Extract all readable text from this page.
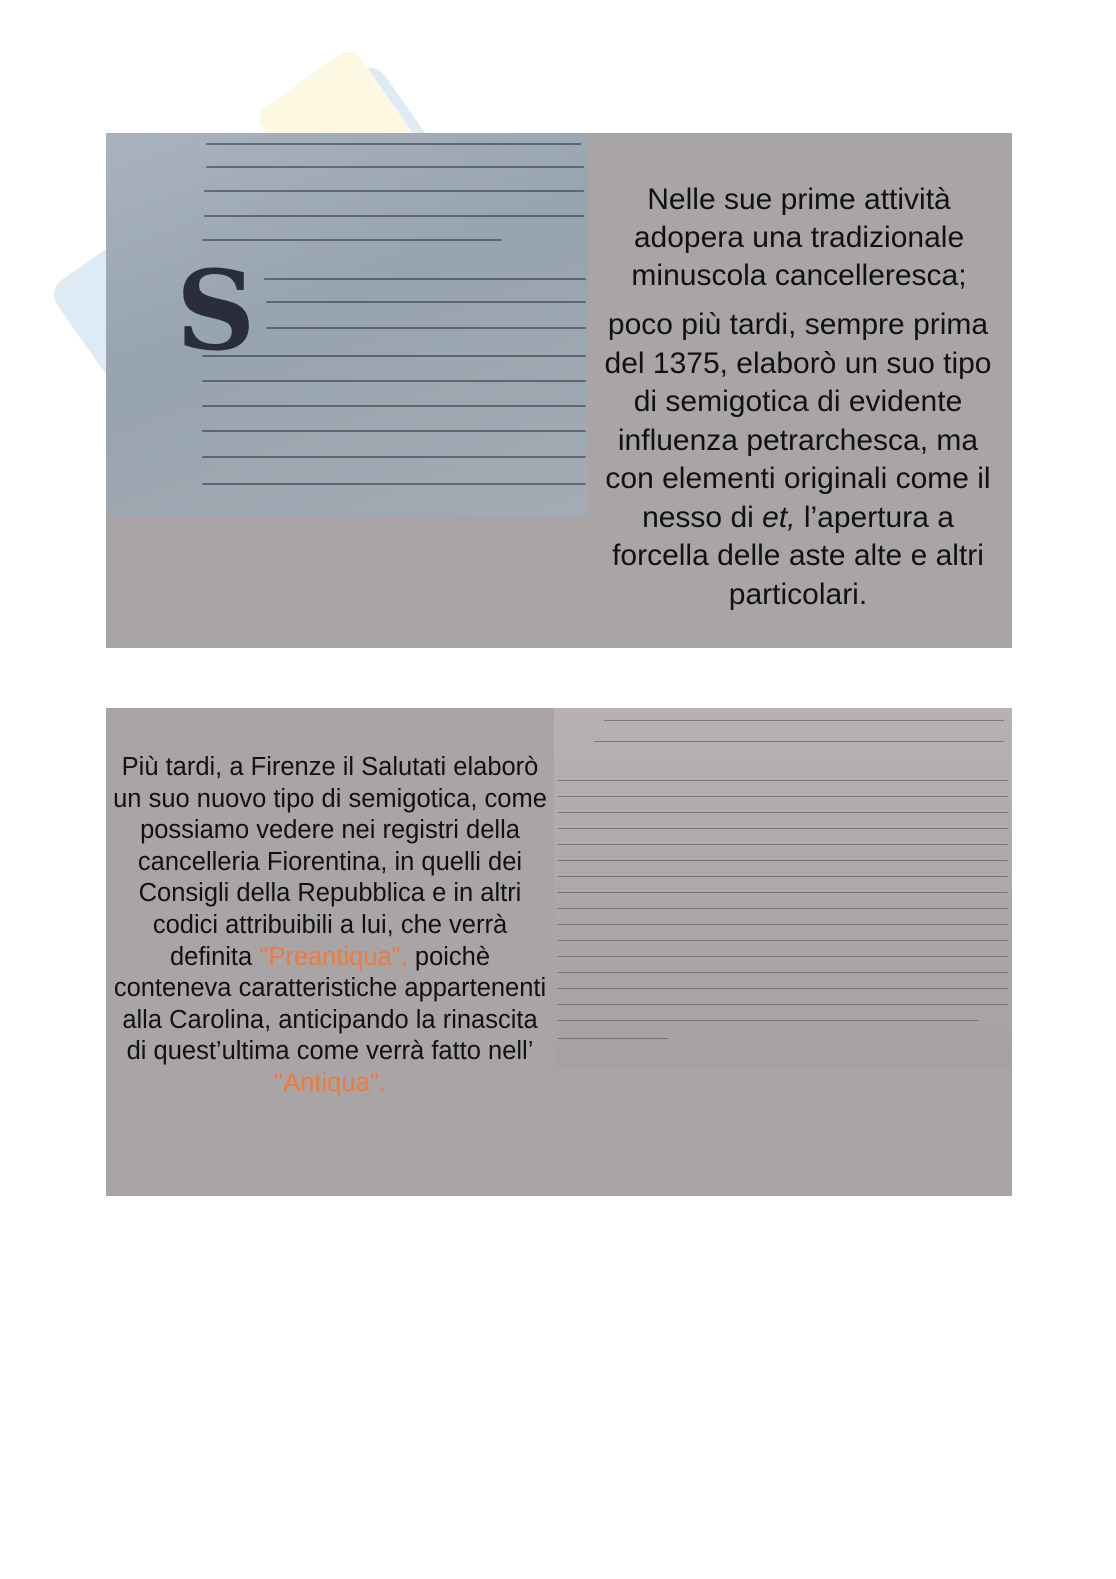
S

Nelle sue prime attività adopera una tradizionale minuscola cancelleresca;

poco più tardi, sempre prima del 1375, elaborò un suo tipo di semigotica di evidente influenza petrarchesca, ma con elementi originali come il nesso di et, l’apertura a forcella delle aste alte e altri particolari.

Più tardi, a Firenze il Salutati elaborò un suo nuovo tipo di semigotica, come possiamo vedere nei registri della cancelleria Fiorentina, in quelli dei Consigli della Repubblica e in altri codici attribuibili a lui, che verrà definita "Preantiqua", poichè conteneva caratteristiche appartenenti alla Carolina, anticipando la rinascita di quest’ultima come verrà fatto nell’ "Antiqua".
